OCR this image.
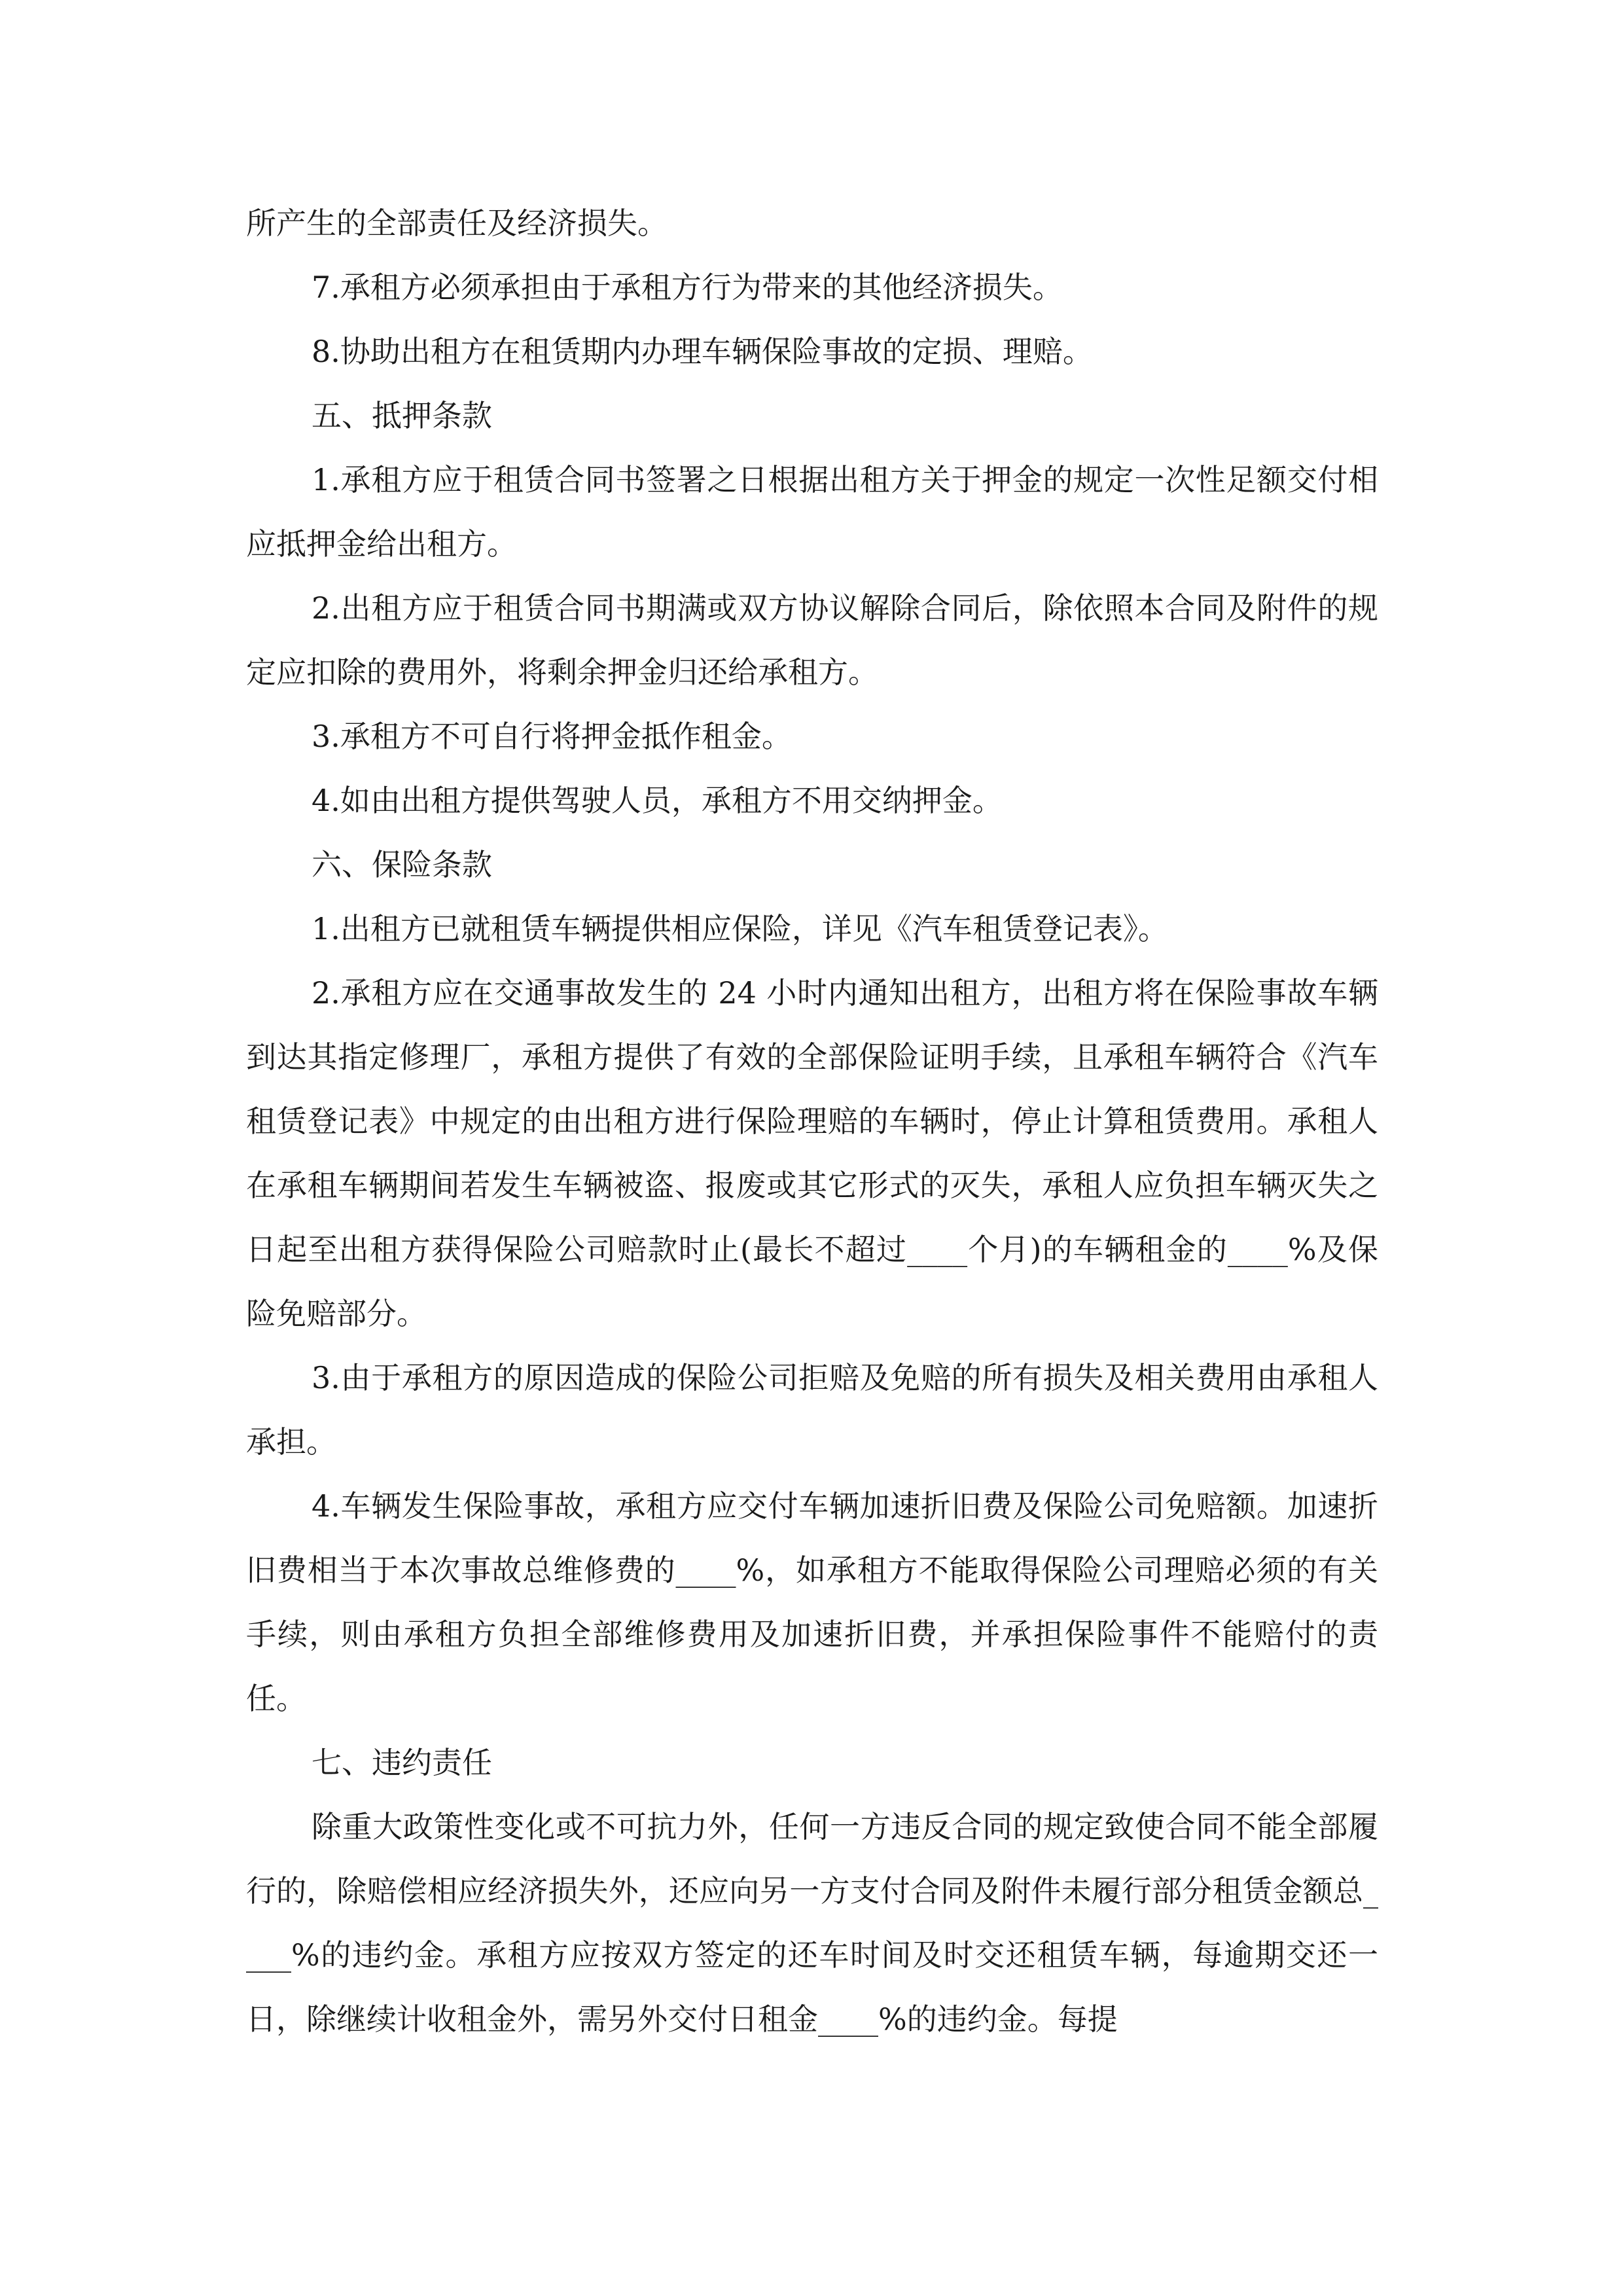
所产生的全部责任及经济损失。

7.承租方必须承担由于承租方行为带来的其他经济损失。

8.协助出租方在租赁期内办理车辆保险事故的定损、理赔。

五、抵押条款

1.承租方应于租赁合同书签署之日根据出租方关于押金的规定一次性足额交付相应抵押金给出租方。

2.出租方应于租赁合同书期满或双方协议解除合同后，除依照本合同及附件的规定应扣除的费用外，将剩余押金归还给承租方。

3.承租方不可自行将押金抵作租金。

4.如由出租方提供驾驶人员，承租方不用交纳押金。

六、保险条款

1.出租方已就租赁车辆提供相应保险，详见《汽车租赁登记表》。

2.承租方应在交通事故发生的 24 小时内通知出租方，出租方将在保险事故车辆到达其指定修理厂，承租方提供了有效的全部保险证明手续，且承租车辆符合《汽车租赁登记表》中规定的由出租方进行保险理赔的车辆时，停止计算租赁费用。承租人在承租车辆期间若发生车辆被盗、报废或其它形式的灭失，承租人应负担车辆灭失之日起至出租方获得保险公司赔款时止(最长不超过____个月)的车辆租金的____%及保险免赔部分。

3.由于承租方的原因造成的保险公司拒赔及免赔的所有损失及相关费用由承租人承担。

4.车辆发生保险事故，承租方应交付车辆加速折旧费及保险公司免赔额。加速折旧费相当于本次事故总维修费的____%，如承租方不能取得保险公司理赔必须的有关手续，则由承租方负担全部维修费用及加速折旧费，并承担保险事件不能赔付的责任。

七、违约责任

除重大政策性变化或不可抗力外，任何一方违反合同的规定致使合同不能全部履行的，除赔偿相应经济损失外，还应向另一方支付合同及附件未履行部分租赁金额总____%的违约金。承租方应按双方签定的还车时间及时交还租赁车辆，每逾期交还一日，除继续计收租金外，需另外交付日租金____%的违约金。每提
